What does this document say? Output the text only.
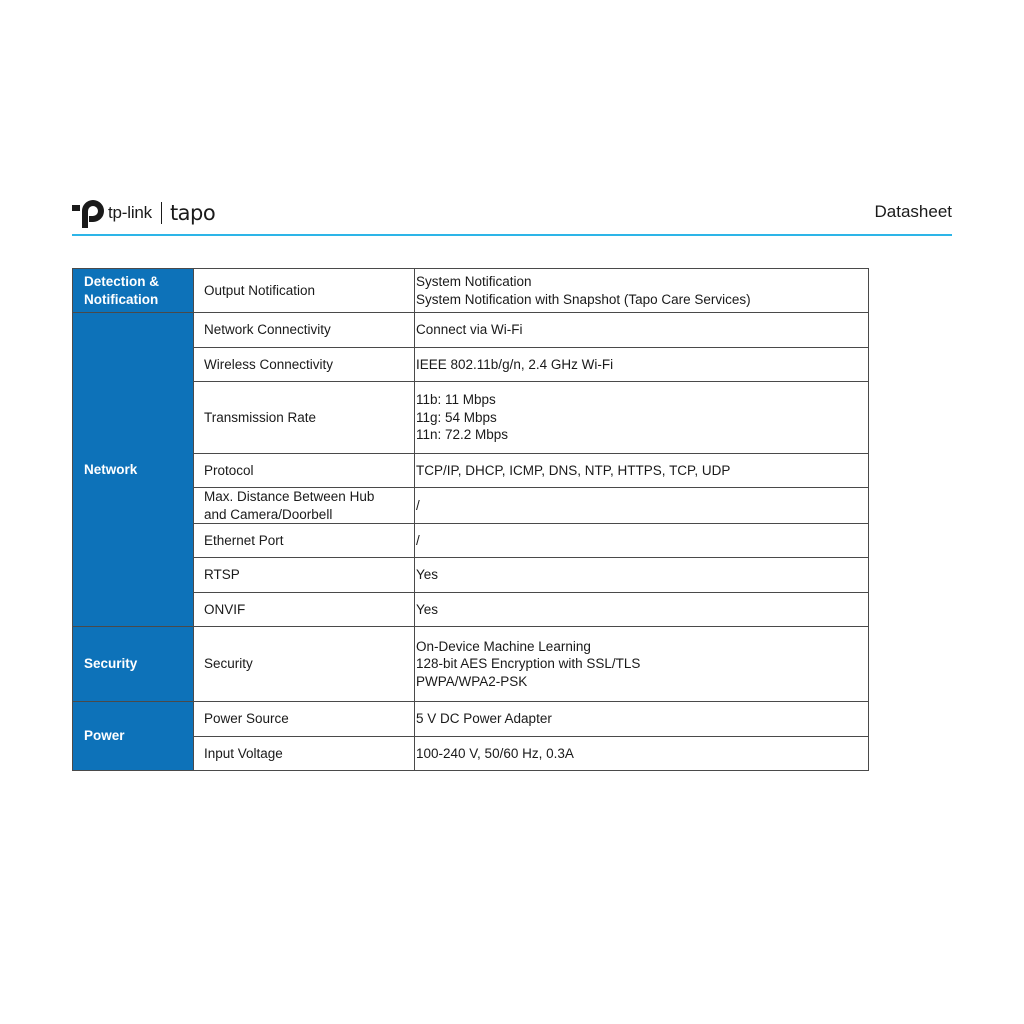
tp-link tapo	Datasheet
Detection &
Notification	Output Notification	System Notification
System Notification with Snapshot (Tapo Care Services)

Network	Network Connectivity	Connect via Wi-Fi

	Wireless Connectivity	IEEE 802.11b/g/n, 2.4 GHz Wi-Fi

	Transmission Rate	11b: 11 Mbps
11g: 54 Mbps
11n: 72.2 Mbps

	Protocol	TCP/IP, DHCP, ICMP, DNS, NTP, HTTPS, TCP, UDP

	Max. Distance Between Hub
and Camera/Doorbell	/

	Ethernet Port	/

	RTSP	Yes

	ONVIF	Yes

Security	Security	On-Device Machine Learning
128-bit AES Encryption with SSL/TLS
PWPA/WPA2-PSK

Power	Power Source	5 V DC Power Adapter

	Input Voltage	100-240 V, 50/60 Hz, 0.3A
